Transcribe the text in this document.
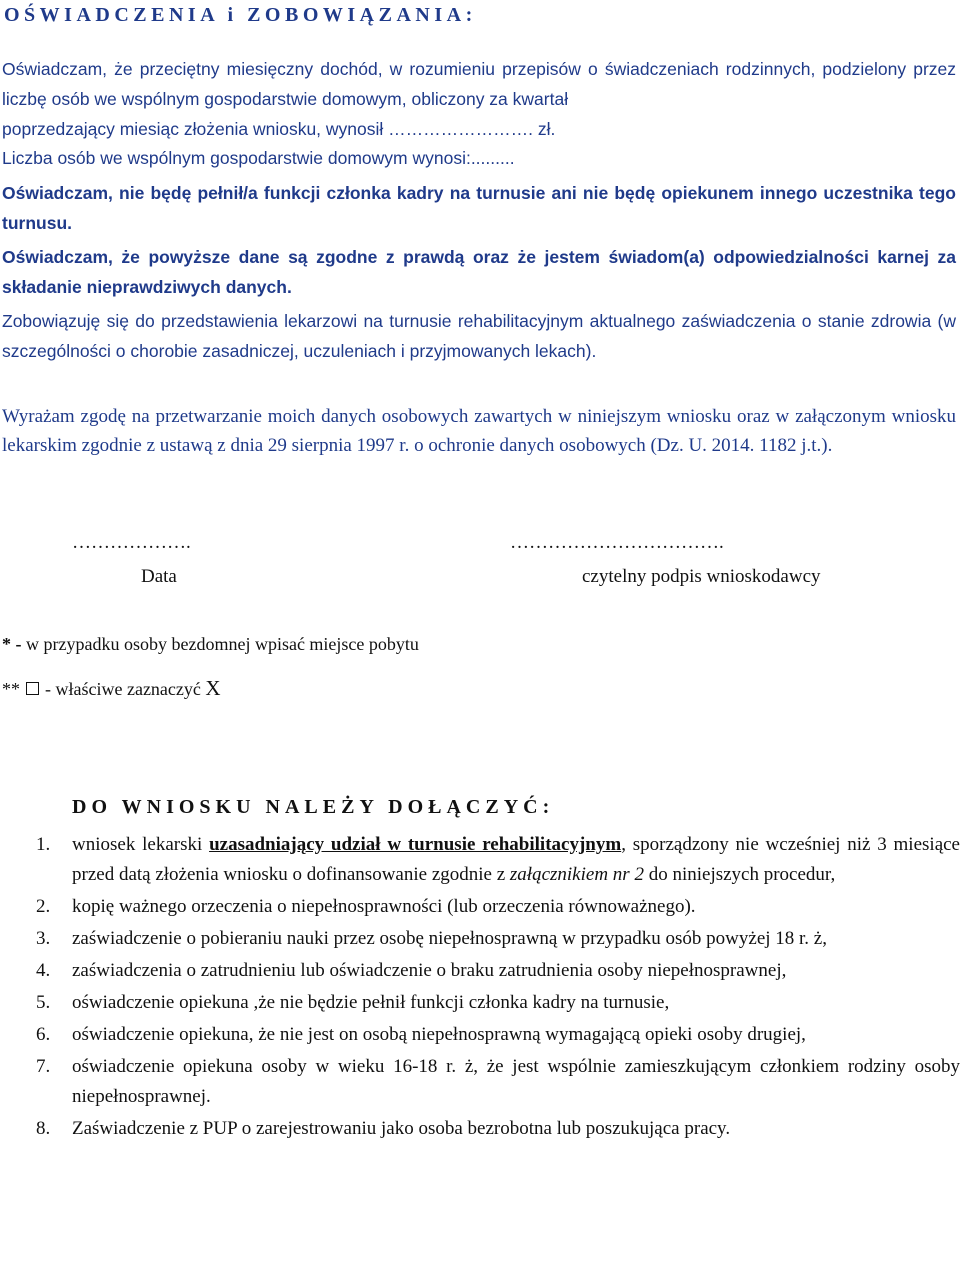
OŚWIADCZENIA i ZOBOWIĄZANIA:
Oświadczam, że przeciętny miesięczny dochód, w rozumieniu przepisów o świadczeniach rodzinnych, podzielony przez liczbę osób we wspólnym gospodarstwie domowym, obliczony za kwartał
poprzedzający miesiąc złożenia wniosku, wynosił ……………………. zł.
Liczba osób we wspólnym gospodarstwie domowym wynosi:.........
Oświadczam, nie będę pełnił/a funkcji członka kadry na turnusie ani nie będę opiekunem innego uczestnika tego turnusu.
Oświadczam, że powyższe dane są zgodne z prawdą oraz że jestem świadom(a) odpowiedzialności karnej za składanie nieprawdziwych danych.
Zobowiązuję się do przedstawienia lekarzowi na turnusie rehabilitacyjnym aktualnego zaświadczenia o stanie zdrowia (w szczególności o chorobie zasadniczej, uczuleniach i przyjmowanych lekach).
Wyrażam zgodę na przetwarzanie moich danych osobowych zawartych w niniejszym wniosku oraz w załączonym wniosku lekarskim zgodnie z ustawą z dnia 29 sierpnia 1997 r. o ochronie danych osobowych (Dz. U. 2014. 1182 j.t.).
……………….	…………………………….
Data	czytelny podpis wnioskodawcy
* - w przypadku osoby bezdomnej wpisać miejsce pobytu
** - właściwe zaznaczyć X
DO WNIOSKU NALEŻY DOŁĄCZYĆ:
1. wniosek lekarski uzasadniający udział w turnusie rehabilitacyjnym, sporządzony nie wcześniej niż 3 miesiące przed datą złożenia wniosku o dofinansowanie zgodnie z załącznikiem nr 2 do niniejszych procedur,
2. kopię ważnego orzeczenia o niepełnosprawności (lub orzeczenia równoważnego).
3. zaświadczenie o pobieraniu nauki przez osobę niepełnosprawną w przypadku osób powyżej 18 r. ż,
4. zaświadczenia o zatrudnieniu lub oświadczenie o braku zatrudnienia osoby niepełnosprawnej,
5. oświadczenie opiekuna ,że nie będzie pełnił funkcji członka kadry na turnusie,
6. oświadczenie opiekuna, że nie jest on osobą niepełnosprawną wymagającą opieki osoby drugiej,
7. oświadczenie opiekuna osoby w wieku 16-18 r. ż, że jest wspólnie zamieszkującym członkiem rodziny osoby niepełnosprawnej.
8. Zaświadczenie z PUP o zarejestrowaniu jako osoba bezrobotna lub poszukująca pracy.
